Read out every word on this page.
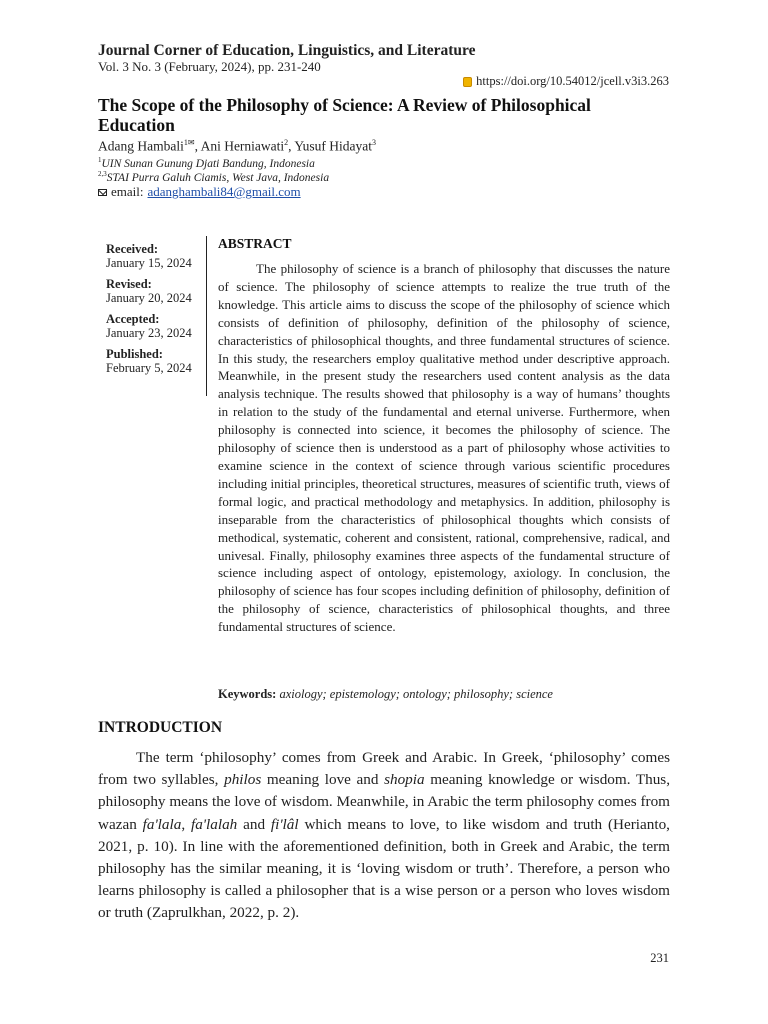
Journal Corner of Education, Linguistics, and Literature
Vol. 3 No. 3 (February, 2024), pp. 231-240
https://doi.org/10.54012/jcell.v3i3.263
The Scope of the Philosophy of Science: A Review of Philosophical Education
Adang Hambali$^{1✉}$, Ani Herniawati$^2$, Yusuf Hidayat$^3$
$^1$UIN Sunan Gunung Djati Bandung, Indonesia
$^{2,3}$STAI Purra Galuh Ciamis, West Java, Indonesia
email: adanghambali84@gmail.com
Received:
January 15, 2024
Revised:
January 20, 2024
Accepted:
January 23, 2024
Published:
February 5, 2024
ABSTRACT

The philosophy of science is a branch of philosophy that discusses the nature of science. The philosophy of science attempts to realize the true truth of the knowledge. This article aims to discuss the scope of the philosophy of science which consists of definition of philosophy, definition of the philosophy of science, characteristics of philosophical thoughts, and three fundamental structures of science. In this study, the researchers employ qualitative method under descriptive approach. Meanwhile, in the present study the researchers used content analysis as the data analysis technique. The results showed that philosophy is a way of humans’ thoughts in relation to the study of the fundamental and eternal universe. Furthermore, when philosophy is connected into science, it becomes the philosophy of science. The philosophy of science then is understood as a part of philosophy whose activities to examine science in the context of science through various scientific procedures including initial principles, theoretical structures, measures of scientific truth, views of formal logic, and practical methodology and metaphysics. In addition, philosophy is inseparable from the characteristics of philosophical thoughts which consists of methodical, systematic, coherent and consistent, rational, comprehensive, radical, and univesal. Finally, philosophy examines three aspects of the fundamental structure of science including aspect of ontology, epistemology, axiology. In conclusion, the philosophy of science has four scopes including definition of philosophy, definition of the philosophy of science, characteristics of philosophical thoughts, and three fundamental structures of science.

Keywords: axiology; epistemology; ontology; philosophy; science
INTRODUCTION

The term ‘philosophy’ comes from Greek and Arabic. In Greek, ‘philosophy’ comes from two syllables, philos meaning love and shopia meaning knowledge or wisdom. Thus, philosophy means the love of wisdom. Meanwhile, in Arabic the term philosophy comes from wazan fa'lala, fa'lalah and fi'lâl which means to love, to like wisdom and truth (Herianto, 2021, p. 10). In line with the aforementioned definition, both in Greek and Arabic, the term philosophy has the similar meaning, it is ‘loving wisdom or truth’. Therefore, a person who learns philosophy is called a philosopher that is a wise person or a person who loves wisdom or truth (Zaprulkhan, 2022, p. 2).

231
